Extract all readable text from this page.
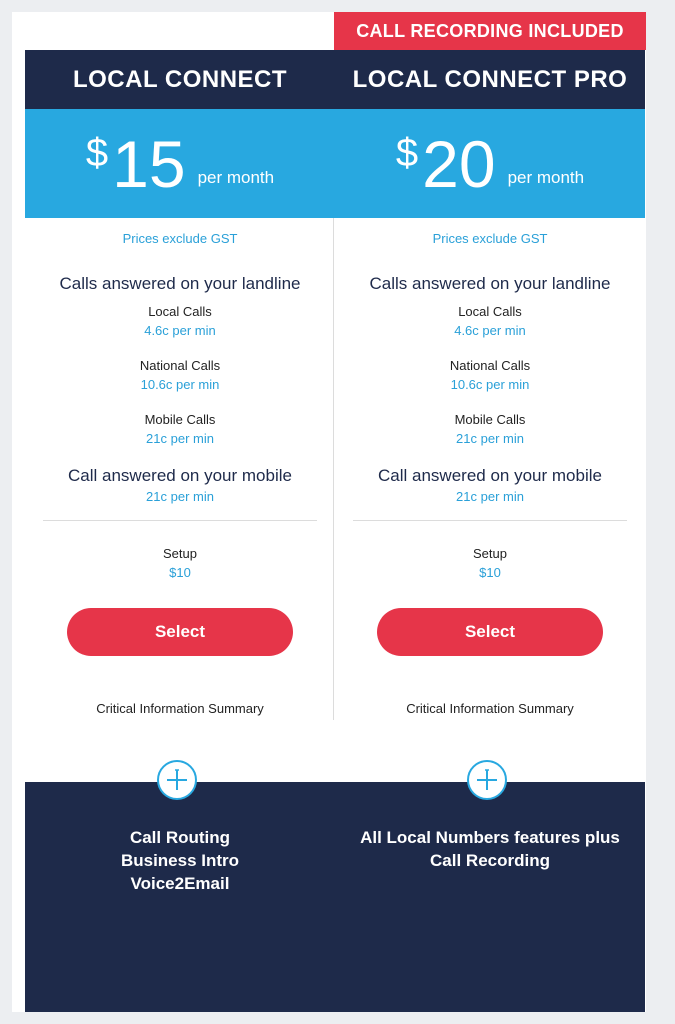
CALL RECORDING INCLUDED
LOCAL CONNECT
$ 15 per month
Prices exclude GST
Calls answered on your landline
Local Calls
4.6c per min
National Calls
10.6c per min
Mobile Calls
21c per min
Call answered on your mobile
21c per min
Setup
$10
Select
Critical Information Summary
Call Routing
Business Intro
Voice2Email
LOCAL CONNECT PRO
$ 20 per month
Prices exclude GST
Calls answered on your landline
Local Calls
4.6c per min
National Calls
10.6c per min
Mobile Calls
21c per min
Call answered on your mobile
21c per min
Setup
$10
Select
Critical Information Summary
All Local Numbers features plus Call Recording
